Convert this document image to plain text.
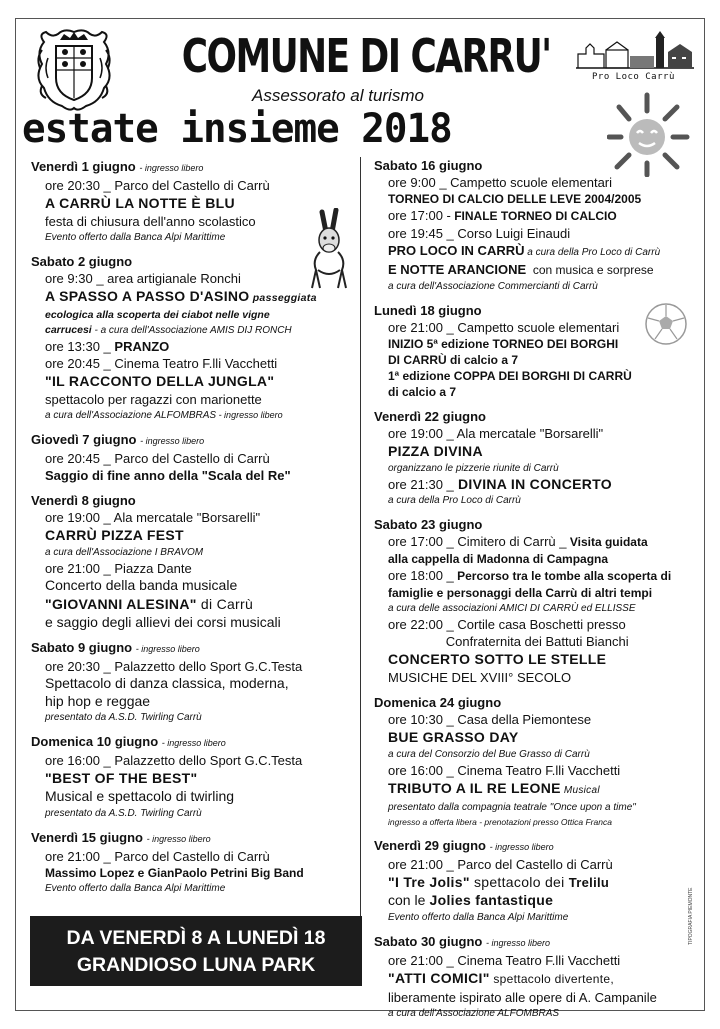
COMUNE DI CARRU'
Assessorato al turismo
estate insieme 2018
Pro Loco Carrù
Venerdì 1 giugno - ingresso libero
ore 20:30 _ Parco del Castello di Carrù
A CARRÙ LA NOTTE È BLU
festa di chiusura dell'anno scolastico
Evento offerto dalla Banca Alpi Marittime
Sabato 2 giugno
ore 9:30 _ area artigianale Ronchi
A SPASSO A PASSO D'ASINO passeggiata
ecologica alla scoperta dei ciabot nelle vigne
carrucesi - a cura dell'Associazione AMIS DIJ RONCH
ore 13:30 _ PRANZO
ore 20:45 _ Cinema Teatro F.lli Vacchetti
"IL RACCONTO DELLA JUNGLA"
spettacolo per ragazzi con marionette
a cura dell'Associazione ALFOMBRAS - ingresso libero
Giovedì 7 giugno - ingresso libero
ore 20:45 _ Parco del Castello di Carrù
Saggio di fine anno della "Scala del Re"
Venerdì 8 giugno
ore 19:00 _ Ala mercatale "Borsarelli"
CARRÙ PIZZA FEST
a cura dell'Associazione I BRAVOM
ore 21:00 _ Piazza Dante
Concerto della banda musicale
"GIOVANNI ALESINA" di Carrù
e saggio degli allievi dei corsi musicali
Sabato 9 giugno - ingresso libero
ore 20:30 _ Palazzetto dello Sport G.C.Testa
Spettacolo di danza classica, moderna,
hip hop e reggae
presentato da A.S.D. Twirling Carrù
Domenica 10 giugno - ingresso libero
ore 16:00 _ Palazzetto dello Sport G.C.Testa
"BEST OF THE BEST"
Musical e spettacolo di twirling
presentato da A.S.D. Twirling Carrù
Venerdì 15 giugno - ingresso libero
ore 21:00 _ Parco del Castello di Carrù
Massimo Lopez e GianPaolo Petrini Big Band
Evento offerto dalla Banca Alpi Marittime
Sabato 16 giugno
ore 9:00 _ Campetto scuole elementari
TORNEO DI CALCIO DELLE LEVE 2004/2005
ore 17:00 - FINALE TORNEO DI CALCIO
ore 19:45 _ Corso Luigi Einaudi
PRO LOCO IN CARRÙ a cura della Pro Loco di Carrù
E NOTTE ARANCIONE  con musica e sorprese
a cura dell'Associazione Commercianti di Carrù
Lunedì 18 giugno
ore 21:00 _ Campetto scuole elementari
INIZIO 5ª edizione TORNEO DEI BORGHI
DI CARRÙ di calcio a 7
1ª edizione COPPA DEI BORGHI DI CARRÙ
di calcio a 7
Venerdì 22 giugno
ore 19:00 _ Ala mercatale "Borsarelli"
PIZZA DIVINA
organizzano le pizzerie riunite di Carrù
ore 21:30 _ DIVINA IN CONCERTO
a cura della Pro Loco di Carrù
Sabato 23 giugno
ore 17:00 _ Cimitero di Carrù _ Visita guidata
alla cappella di Madonna di Campagna
ore 18:00 _ Percorso tra le tombe alla scoperta di
famiglie e personaggi della Carrù di altri tempi
a cura delle associazioni AMICI DI CARRÙ ed ELLISSE
ore 22:00 _ Cortile casa Boschetti presso
Confraternita dei Battuti Bianchi
CONCERTO SOTTO LE STELLE
MUSICHE DEL XVIII° SECOLO
Domenica 24 giugno
ore 10:30 _ Casa della Piemontese
BUE GRASSO DAY
a cura del Consorzio del Bue Grasso di Carrù
ore 16:00 _ Cinema Teatro F.lli Vacchetti
TRIBUTO A IL RE LEONE Musical
presentato dalla compagnia teatrale "Once upon a time"
ingresso a offerta libera - prenotazioni presso Ottica Franca
Venerdì 29 giugno - ingresso libero
ore 21:00 _ Parco del Castello di Carrù
"I Tre Jolis" spettacolo dei Trelilu
con le Jolies fantastique
Evento offerto dalla Banca Alpi Marittime
Sabato 30 giugno - ingresso libero
ore 21:00 _ Cinema Teatro F.lli Vacchetti
"ATTI COMICI" spettacolo divertente,
liberamente ispirato alle opere di A. Campanile
a cura dell'Associazione ALFOMBRAS
DA VENERDÌ 8 A LUNEDÌ 18
GRANDIOSO LUNA PARK
TIPOGRAFIA PIEMONTE
